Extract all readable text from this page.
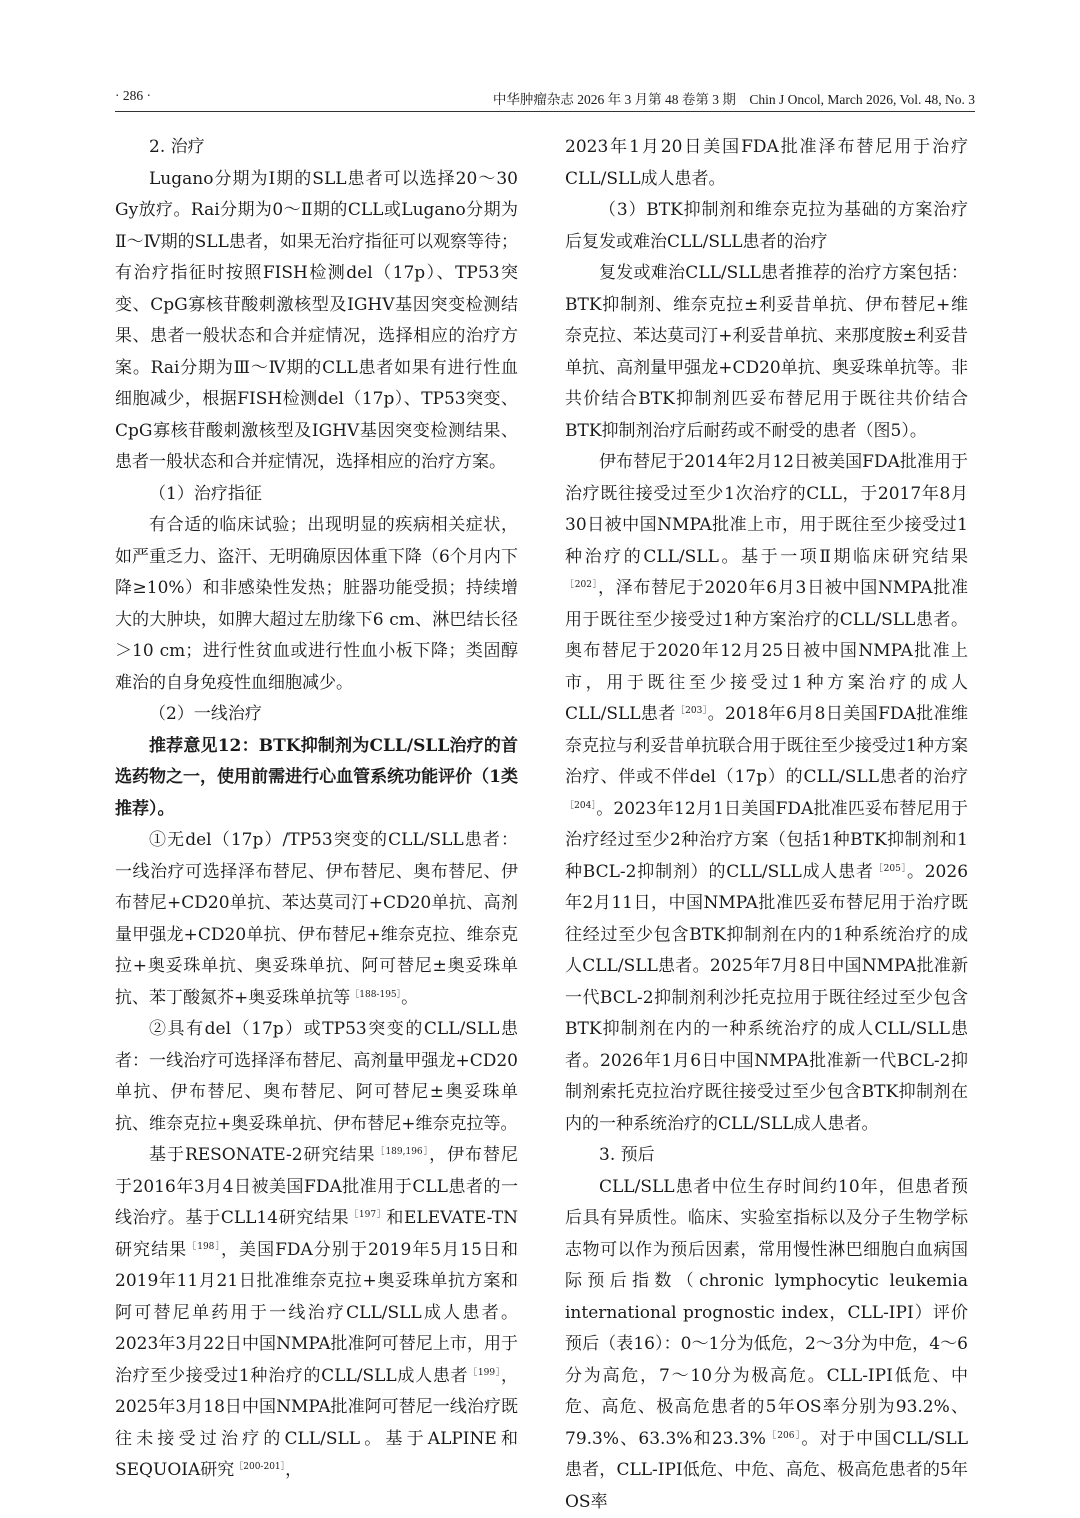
· 286 ·	中华肿瘤杂志 2026 年 3 月第 48 卷第 3 期　Chin J Oncol, March 2026, Vol. 48, No. 3

2. 治疗

Lugano分期为Ⅰ期的SLL患者可以选择20～30 Gy放疗。Rai分期为0～Ⅱ期的CLL或Lugano分期为Ⅱ～Ⅳ期的SLL患者，如果无治疗指征可以观察等待；有治疗指征时按照FISH检测del（17p）、TP53突变、CpG寡核苷酸刺激核型及IGHV基因突变检测结果、患者一般状态和合并症情况，选择相应的治疗方案。Rai分期为Ⅲ～Ⅳ期的CLL患者如果有进行性血细胞减少，根据FISH检测del（17p）、TP53突变、CpG寡核苷酸刺激核型及IGHV基因突变检测结果、患者一般状态和合并症情况，选择相应的治疗方案。

（1）治疗指征

有合适的临床试验；出现明显的疾病相关症状，如严重乏力、盗汗、无明确原因体重下降（6个月内下降≥10%）和非感染性发热；脏器功能受损；持续增大的大肿块，如脾大超过左肋缘下6 cm、淋巴结长径＞10 cm；进行性贫血或进行性血小板下降；类固醇难治的自身免疫性血细胞减少。

（2）一线治疗

推荐意见12：BTK抑制剂为CLL/SLL治疗的首选药物之一，使用前需进行心血管系统功能评价（1类推荐）。

①无del（17p）/TP53突变的CLL/SLL患者：一线治疗可选择泽布替尼、伊布替尼、奥布替尼、伊布替尼+CD20单抗、苯达莫司汀+CD20单抗、高剂量甲强龙+CD20单抗、伊布替尼+维奈克拉、维奈克拉+奥妥珠单抗、奥妥珠单抗、阿可替尼±奥妥珠单抗、苯丁酸氮芥+奥妥珠单抗等$^{[188-195]}$。

②具有del（17p）或TP53突变的CLL/SLL患者：一线治疗可选择泽布替尼、高剂量甲强龙+CD20单抗、伊布替尼、奥布替尼、阿可替尼±奥妥珠单抗、维奈克拉+奥妥珠单抗、伊布替尼+维奈克拉等。

基于RESONATE-2研究结果$^{[189,196]}$，伊布替尼于2016年3月4日被美国FDA批准用于CLL患者的一线治疗。基于CLL14研究结果$^{[197]}$和ELEVATE-TN研究结果$^{[198]}$，美国FDA分别于2019年5月15日和2019年11月21日批准维奈克拉+奥妥珠单抗方案和阿可替尼单药用于一线治疗CLL/SLL成人患者。2023年3月22日中国NMPA批准阿可替尼上市，用于治疗至少接受过1种治疗的CLL/SLL成人患者$^{[199]}$，2025年3月18日中国NMPA批准阿可替尼一线治疗既往未接受过治疗的CLL/SLL。基于ALPINE和SEQUOIA研究$^{[200-201]}$，

2023年1月20日美国FDA批准泽布替尼用于治疗CLL/SLL成人患者。

（3）BTK抑制剂和维奈克拉为基础的方案治疗后复发或难治CLL/SLL患者的治疗

复发或难治CLL/SLL患者推荐的治疗方案包括：BTK抑制剂、维奈克拉±利妥昔单抗、伊布替尼+维奈克拉、苯达莫司汀+利妥昔单抗、来那度胺±利妥昔单抗、高剂量甲强龙+CD20单抗、奥妥珠单抗等。非共价结合BTK抑制剂匹妥布替尼用于既往共价结合BTK抑制剂治疗后耐药或不耐受的患者（图5）。

伊布替尼于2014年2月12日被美国FDA批准用于治疗既往接受过至少1次治疗的CLL，于2017年8月30日被中国NMPA批准上市，用于既往至少接受过1种治疗的CLL/SLL。基于一项Ⅱ期临床研究结果$^{[202]}$，泽布替尼于2020年6月3日被中国NMPA批准用于既往至少接受过1种方案治疗的CLL/SLL患者。奥布替尼于2020年12月25日被中国NMPA批准上市，用于既往至少接受过1种方案治疗的成人CLL/SLL患者$^{[203]}$。2018年6月8日美国FDA批准维奈克拉与利妥昔单抗联合用于既往至少接受过1种方案治疗、伴或不伴del（17p）的CLL/SLL患者的治疗$^{[204]}$。2023年12月1日美国FDA批准匹妥布替尼用于治疗经过至少2种治疗方案（包括1种BTK抑制剂和1种BCL-2抑制剂）的CLL/SLL成人患者$^{[205]}$。2026年2月11日，中国NMPA批准匹妥布替尼用于治疗既往经过至少包含BTK抑制剂在内的1种系统治疗的成人CLL/SLL患者。2025年7月8日中国NMPA批准新一代BCL-2抑制剂利沙托克拉用于既往经过至少包含BTK抑制剂在内的一种系统治疗的成人CLL/SLL患者。2026年1月6日中国NMPA批准新一代BCL-2抑制剂索托克拉治疗既往接受过至少包含BTK抑制剂在内的一种系统治疗的CLL/SLL成人患者。

3. 预后

CLL/SLL患者中位生存时间约10年，但患者预后具有异质性。临床、实验室指标以及分子生物学标志物可以作为预后因素，常用慢性淋巴细胞白血病国际预后指数（chronic lymphocytic leukemia international prognostic index，CLL-IPI）评价预后（表16）：0～1分为低危，2～3分为中危，4～6分为高危，7～10分为极高危。CLL-IPI低危、中危、高危、极高危患者的5年OS率分别为93.2%、79.3%、63.3%和23.3%$^{[206]}$。对于中国CLL/SLL患者，CLL-IPI低危、中危、高危、极高危患者的5年OS率
